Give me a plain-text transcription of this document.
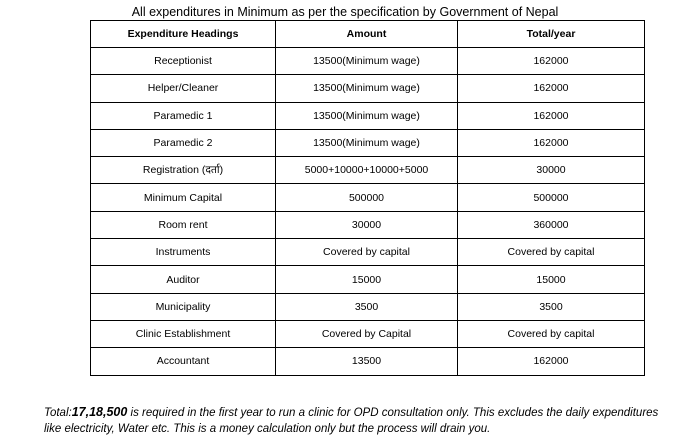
All expenditures in Minimum as per the specification by Government of Nepal
Expenditure Headings	Amount	Total/year
Receptionist	13500(Minimum wage)	162000
Helper/Cleaner	13500(Minimum wage)	162000
Paramedic 1	13500(Minimum wage)	162000
Paramedic 2	13500(Minimum wage)	162000
Registration (दर्ता)	5000+10000+10000+5000	30000
Minimum Capital	500000	500000
Room rent	30000	360000
Instruments	Covered by capital	Covered by capital
Auditor	15000	15000
Municipality	3500	3500
Clinic Establishment	Covered by Capital	Covered by capital
Accountant	13500	162000

Total:17,18,500 is required in the first year to run a clinic for OPD consultation only. This excludes the daily expenditures like electricity, Water etc. This is a money calculation only but the process will drain you.
